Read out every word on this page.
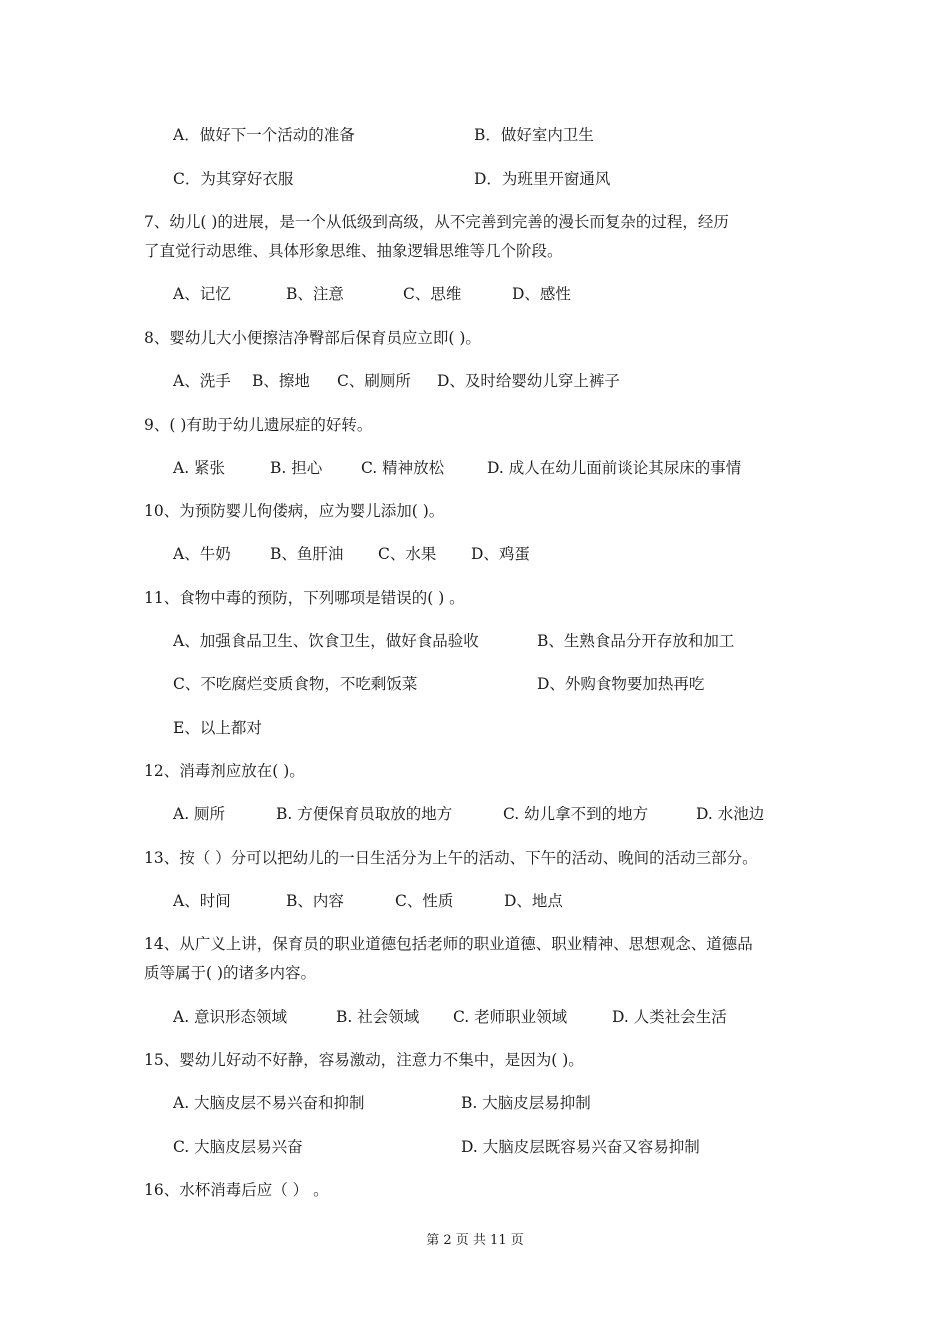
A．做好下一个活动的准备	B．做好室内卫生
C．为其穿好衣服	D．为班里开窗通风
7、幼儿( )的进展，是一个从低级到高级，从不完善到完善的漫长而复杂的过程，经历
了直觉行动思维、具体形象思维、抽象逻辑思维等几个阶段。
A、记忆	B、注意	C、思维	D、感性
8、婴幼儿大小便擦洁净臀部后保育员应立即( )。
A、洗手 B、擦地 C、刷厕所 D、及时给婴幼儿穿上裤子
9、( )有助于幼儿遗尿症的好转。
A. 紧张	B. 担心	C. 精神放松	D. 成人在幼儿面前谈论其尿床的事情
10、为预防婴儿佝偻病，应为婴儿添加( )。
A、牛奶	B、鱼肝油 C、水果 D、鸡蛋
11、食物中毒的预防，下列哪项是错误的( ) 。
A、加强食品卫生、饮食卫生，做好食品验收	B、生熟食品分开存放和加工
C、不吃腐烂变质食物，不吃剩饭菜	D、外购食物要加热再吃
E、以上都对
12、消毒剂应放在( )。
A. 厕所	B. 方便保育员取放的地方	C. 幼儿拿不到的地方	D. 水池边
13、按（ ）分可以把幼儿的一日生活分为上午的活动、下午的活动、晚间的活动三部分。
A、时间	B、内容	C、性质	D、地点
14、从广义上讲，保育员的职业道德包括老师的职业道德、职业精神、思想观念、道德品
质等属于( )的诸多内容。
A. 意识形态领域	B. 社会领域 C. 老师职业领域	D. 人类社会生活
15、婴幼儿好动不好静，容易激动，注意力不集中，是因为( )。
A. 大脑皮层不易兴奋和抑制	B. 大脑皮层易抑制
C. 大脑皮层易兴奋	D. 大脑皮层既容易兴奋又容易抑制
16、水杯消毒后应（ ） 。
第 2 页 共 11 页
